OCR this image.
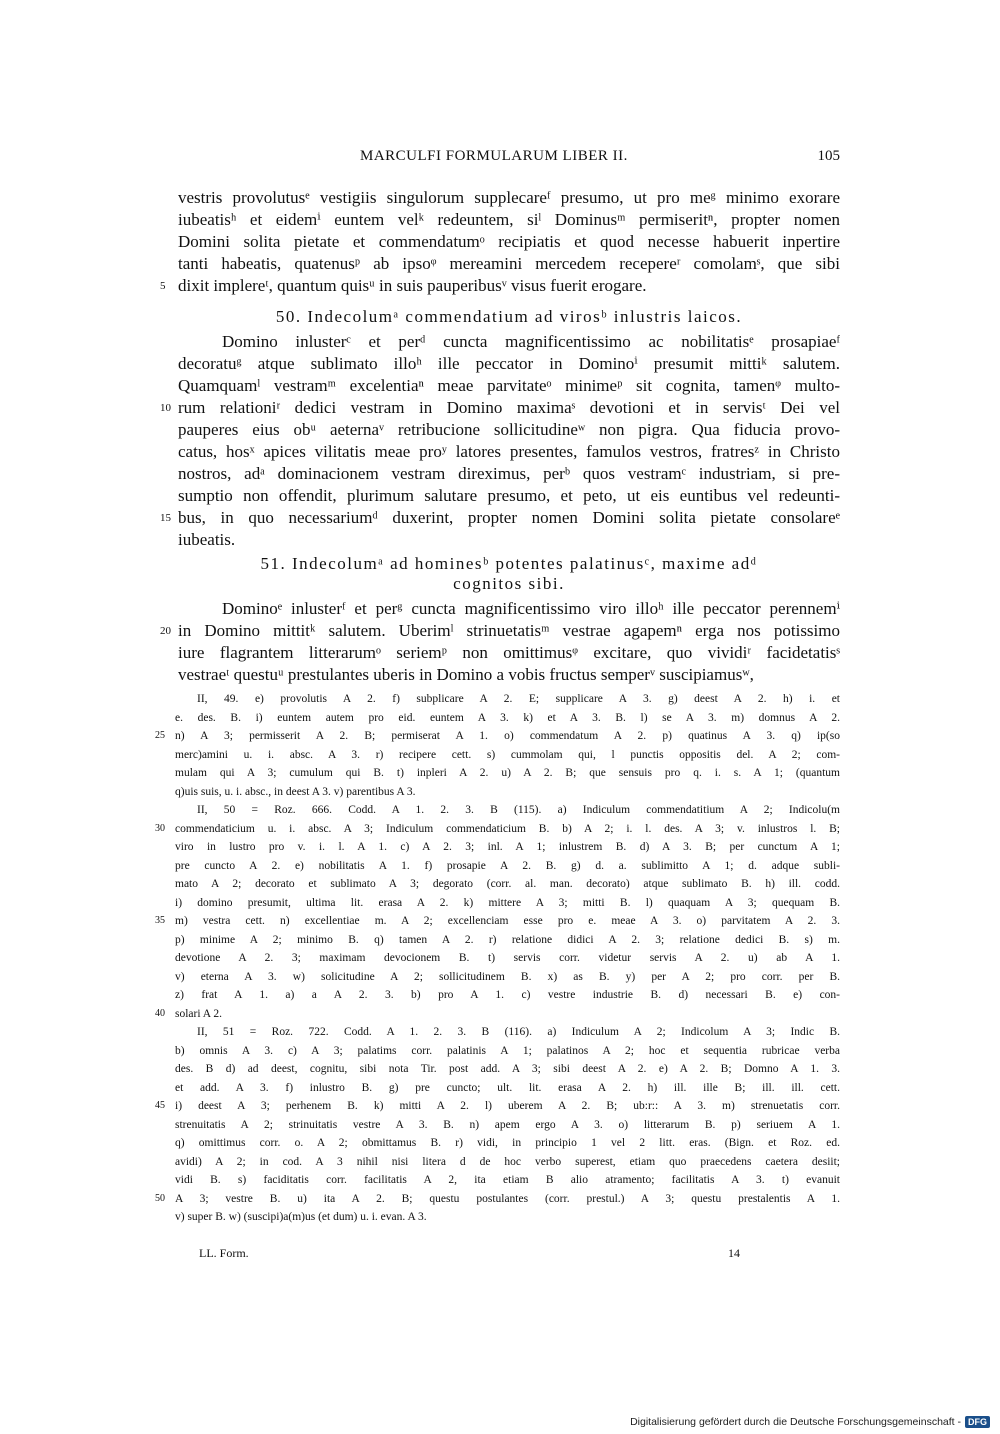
MARCULFI FORMULARUM LIBER II.	105
vestris provolutusᵉ vestigiis singulorum supplecareᶠ presumo, ut pro meᵍ minimo exorare
iubeatisʰ et eidemⁱ euntem velᵏ redeuntem, siˡ Dominusᵐ permiseritⁿ, propter nomen
Domini solita pietate et commendatumᵒ recipiatis et quod necesse habuerit inpertire
tanti habeatis, quatenusᵖ ab ipsoᵠ mereamini mercedem recepereʳ comolamˢ, que sibi
5 dixit implereᵗ, quantum quisᵘ in suis pauperibusᵛ visus fuerit erogare.
50. Indecolumᵃ commendatium ad virosᵇ inlustris laicos.
Domino inlusterᶜ et perᵈ cuncta magnificentissimo ac nobilitatisᵉ prosapiaeᶠ
decoratuᵍ atque sublimato illoʰ ille peccator in Dominoⁱ presumit mittiᵏ salutem.
Quamquamˡ vestramᵐ excelentiaⁿ meae parvitateᵒ minimeᵖ sit cognita, tamenᵠ multo-
10 rum relationiʳ dedici vestram in Domino maximaˢ devotioni et in servisᵗ Dei vel
pauperes eius obᵘ aeternaᵛ retribucione sollicitudineʷ non pigra. Qua fiducia provo-
catus, hosˣ apices vilitatis meae proʸ latores presentes, famulos vestros, fratresᶻ in Christo
nostros, adᵃ dominacionem vestram direximus, perᵇ quos vestramᶜ industriam, si pre-
sumptio non offendit, plurimum salutare presumo, et peto, ut eis euntibus vel redeunti-
15 bus, in quo necessariumᵈ duxerint, propter nomen Domini solita pietate consolareᵉ
iubeatis.
51. Indecolumᵃ ad hominesᵇ potentes palatinusᶜ, maxime adᵈ
cognitos sibi.
Dominoᵉ inlusterᶠ et perᵍ cuncta magnificentissimo viro illoʰ ille peccator perennemⁱ
20 in Domino mittitᵏ salutem. Uberimˡ strinuetatisᵐ vestrae agapemⁿ erga nos potissimo
iure flagrantem litterarumᵒ seriemᵖ non omittimusᵠ excitare, quo vividiʳ facidetatisˢ
vestraeᵗ questuᵘ prestulantes uberis in Domino a vobis fructus semperᵛ suscipiamusʷ,
II, 49. e) provolutis A 2. f) subplicare A 2. E; supplicare A 3. g) deest A 2. h) i. et
e. des. B. i) euntem autem pro eid. euntem A 3. k) et A 3. B. l) se A 3. m) domnus A 2.
25 n) A 3; permisserit A 2. B; permiserat A 1. o) commendatum A 2. p) quatinus A 3. q) ip(so
merc)amini u. i. absc. A 3. r) recipere cett. s) cummolam qui, l punctis oppositis del. A 2; com-
mulam qui A 3; cumulum qui B. t) inpleri A 2. u) A 2. B; que sensuis pro q. i. s. A 1; (quantum
q)uis suis, u. i. absc., in deest A 3. v) parentibus A 3.
II, 50 = Roz. 666. Codd. A 1. 2. 3. B (115). a) Indiculum commendatitium A 2; Indicolu(m
30 commendaticium u. i. absc. A 3; Indiculum commendaticium B. b) A 2; i. l. des. A 3; v. inlustros l. B;
viro in lustro pro v. i. l. A 1. c) A 2. 3; inl. A 1; inlustrem B. d) A 3. B; per cunctum A 1;
pre cuncto A 2. e) nobilitatis A 1. f) prosapie A 2. B. g) d. a. sublimitto A 1; d. adque subli-
mato A 2; decorato et sublimato A 3; degorato (corr. al. man. decorato) atque sublimato B. h) ill. codd.
i) domino presumit, ultima lit. erasa A 2. k) mittere A 3; mitti B. l) quaquam A 3; quequam B.
35 m) vestra cett. n) excellentiae m. A 2; excellenciam esse pro e. meae A 3. o) parvitatem A 2. 3.
p) minime A 2; minimo B. q) tamen A 2. r) relatione didici A 2. 3; relatione dedici B. s) m.
devotione A 2. 3; maximam devocionem B. t) servis corr. videtur servis A 2. u) ab A 1.
v) eterna A 3. w) solicitudine A 2; sollicitudinem B. x) as B. y) per A 2; pro corr. per B.
z) frat A 1. a) a A 2. 3. b) pro A 1. c) vestre industrie B. d) necessari B. e) con-
40 solari A 2.
II, 51 = Roz. 722. Codd. A 1. 2. 3. B (116). a) Indiculum A 2; Indicolum A 3; Indic B.
b) omnis A 3. c) A 3; palatims corr. palatinis A 1; palatinos A 2; hoc et sequentia rubricae verba
des. B d) ad deest, cognitu, sibi nota Tir. post add. A 3; sibi deest A 2. e) A 2. B; Domno A 1. 3.
et add. A 3. f) inlustro B. g) pre cuncto; ult. lit. erasa A 2. h) ill. ille B; ill. ill. cett.
45 i) deest A 3; perhenem B. k) mitti A 2. l) uberem A 2. B; ub:r:: A 3. m) strenuetatis corr.
strenuitatis A 2; strinuitatis vestre A 3. B. n) apem ergo A 3. o) litterarum B. p) seriuem A 1.
q) omittimus corr. o. A 2; obmittamus B. r) vidi, in principio 1 vel 2 litt. eras. (Bign. et Roz. ed.
avidi) A 2; in cod. A 3 nihil nisi litera d de hoc verbo superest, etiam quo praecedens caetera desiit;
vidi B. s) faciditatis corr. facilitatis A 2, ita etiam B alio atramento; facilitatis A 3. t) evanuit
50 A 3; vestre B. u) ita A 2. B; questu postulantes (corr. prestul.) A 3; questu prestalentis A 1.
v) super B. w) (suscipi)a(m)us (et dum) u. i. evan. A 3.
LL. Form.	14
Digitalisierung gefördert durch die Deutsche Forschungsgemeinschaft - DFG
